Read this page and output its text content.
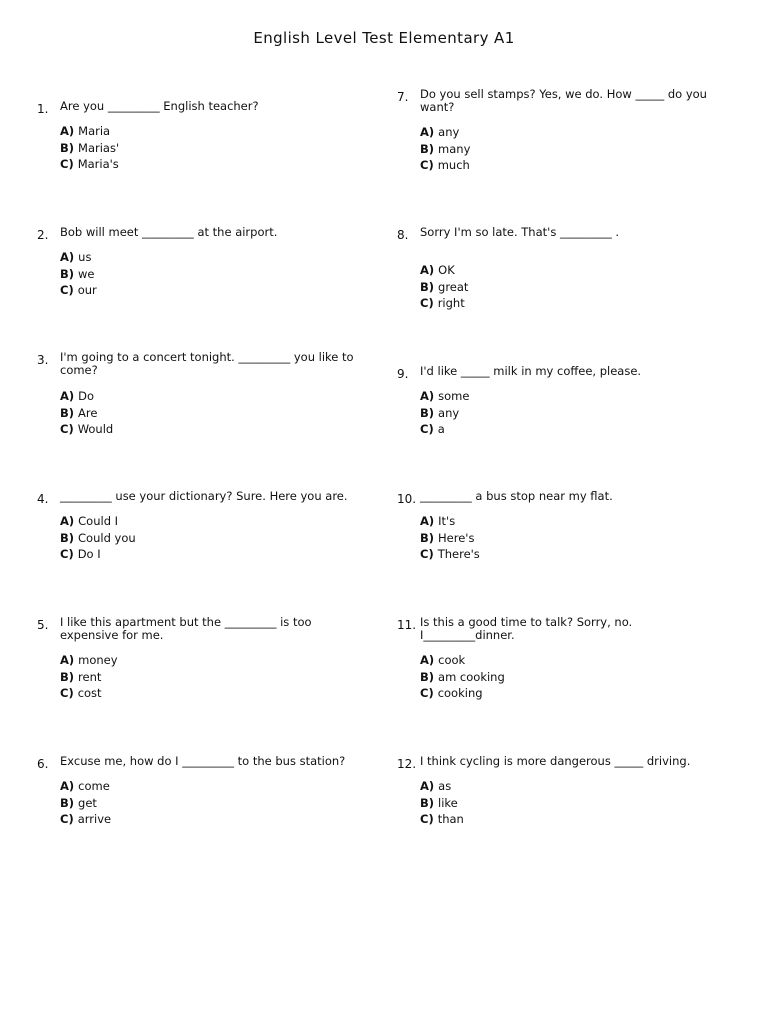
English Level Test Elementary A1
1.	Are you _________ English teacher?
A) Maria
B) Marias'
C) Maria's
2.	Bob will meet _________ at the airport.
A) us
B) we
C) our
3.	I'm going to a concert tonight. _________ you like to come?
A) Do
B) Are
C) Would
4.	_________ use your dictionary? Sure. Here you are.
A) Could I
B) Could you
C) Do I
5.	I like this apartment but the _________ is too expensive for me.
A) money
B) rent
C) cost
6.	Excuse me, how do I _________ to the bus station?
A) come
B) get
C) arrive
7.	Do you sell stamps? Yes, we do. How _____ do you want?
A) any
B) many
C) much
8.	Sorry I'm so late. That's _________ .
A) OK
B) great
C) right
9.	I'd like _____ milk in my coffee, please.
A) some
B) any
C) a
10. _________ a bus stop near my flat.
A) It's
B) Here's
C) There's
11. Is this a good time to talk? Sorry, no. I_________dinner.
A) cook
B) am cooking
C) cooking
12. I think cycling is more dangerous _____ driving.
A) as
B) like
C) than
